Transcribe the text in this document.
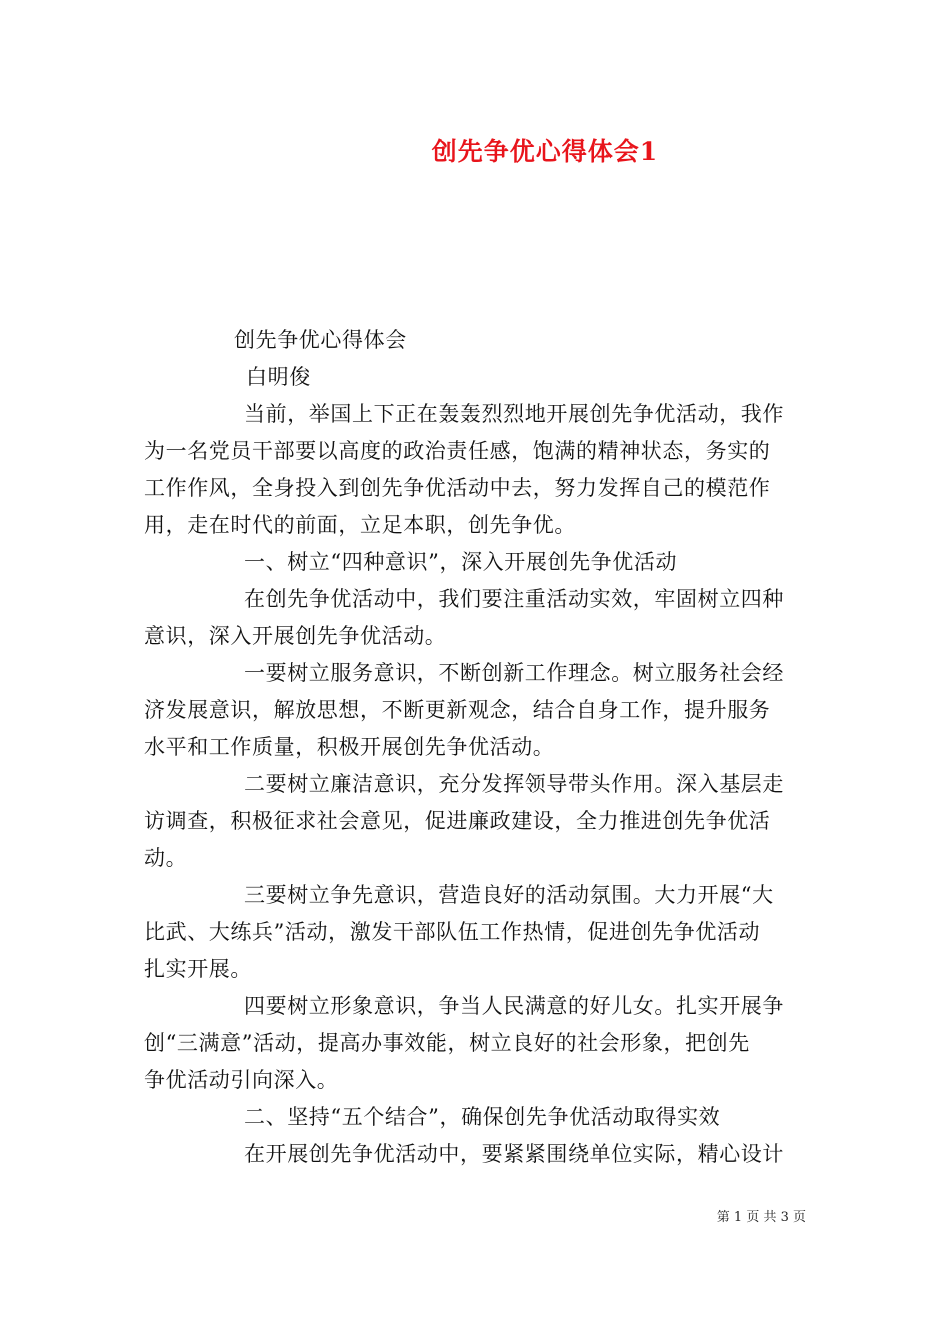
创先争优心得体会1
创先争优心得体会
白明俊
当前，举国上下正在轰轰烈烈地开展创先争优活动，我作
为一名党员干部要以高度的政治责任感，饱满的精神状态，务实的
工作作风，全身投入到创先争优活动中去，努力发挥自己的模范作
用，走在时代的前面，立足本职，创先争优。
一、树立“四种意识”，深入开展创先争优活动
在创先争优活动中，我们要注重活动实效，牢固树立四种
意识，深入开展创先争优活动。
一要树立服务意识，不断创新工作理念。树立服务社会经
济发展意识，解放思想，不断更新观念，结合自身工作，提升服务
水平和工作质量，积极开展创先争优活动。
二要树立廉洁意识，充分发挥领导带头作用。深入基层走
访调查，积极征求社会意见，促进廉政建设，全力推进创先争优活
动。
三要树立争先意识，营造良好的活动氛围。大力开展“大
比武、大练兵”活动，激发干部队伍工作热情，促进创先争优活动
扎实开展。
四要树立形象意识，争当人民满意的好儿女。扎实开展争
创“三满意”活动，提高办事效能，树立良好的社会形象，把创先
争优活动引向深入。
二、坚持“五个结合”，确保创先争优活动取得实效
在开展创先争优活动中，要紧紧围绕单位实际，精心设计
第 1 页 共 3 页
